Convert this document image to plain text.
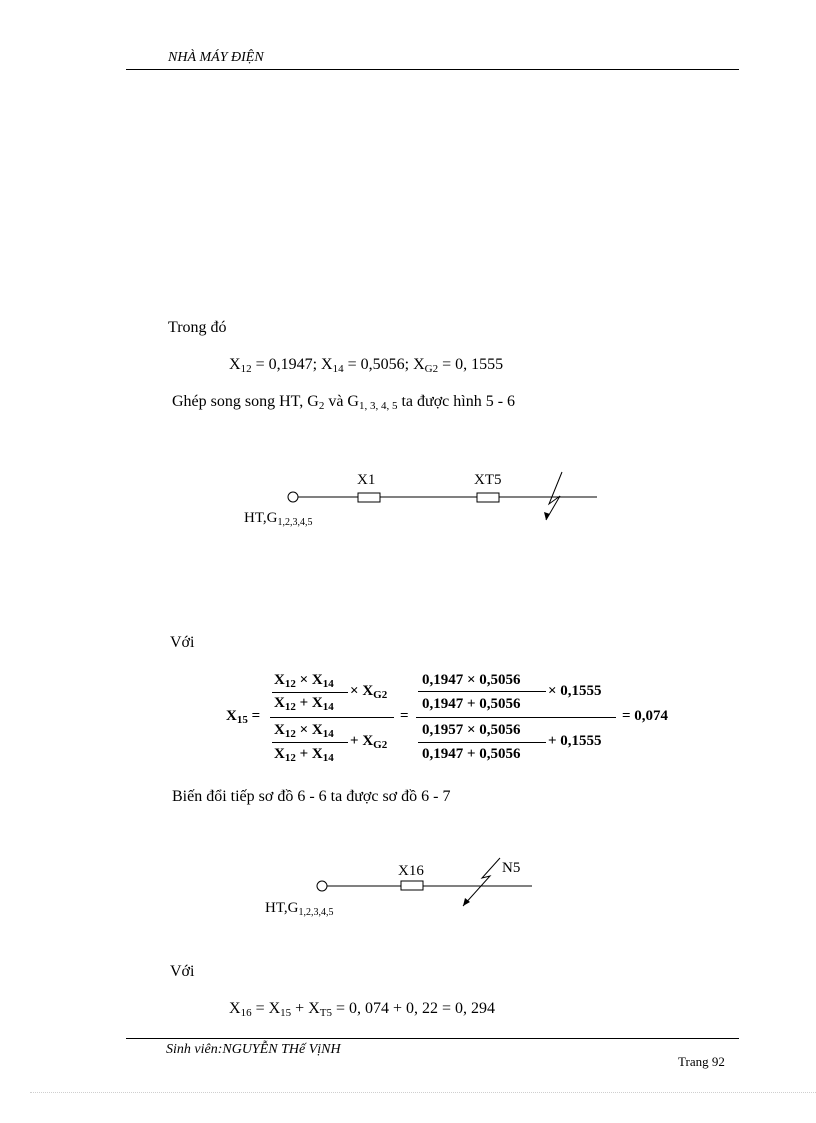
NHÀ MÁY ĐIỆN
Trong đó
$X_{12} = 0,1947$; $X_{14} = 0,5056$; $X_{G2} = 0$, 1555
Ghép song song HT, $G_2$ và $G_{1, 3, 4, 5}$ ta được hình 5 - 6
X1	XT5
$HT,G_{1,2,3,4,5}$
Với
$X_{15}$ =
$X_{12} \times X_{14}$
$X_{12} + X_{14}$
× $X_{G2}$
$X_{12} \times X_{14}$
$X_{12} + X_{14}$
+ $X_{G2}$
=
0,1947 × 0,5056
0,1947 + 0,5056
× 0,1555
0,1957 × 0,5056
0,1947 + 0,5056
+ 0,1555
= 0,074
Biến đổi tiếp sơ đồ 6 - 6 ta được sơ đồ 6 - 7
X16	N5
$HT,G_{1,2,3,4,5}$
Với
$X_{16} = X_{15} + X_{T5} = 0$, 074 + 0, 22 = 0, 294
Sinh viên:NGUYỄN THế VịNH
Trang 92
